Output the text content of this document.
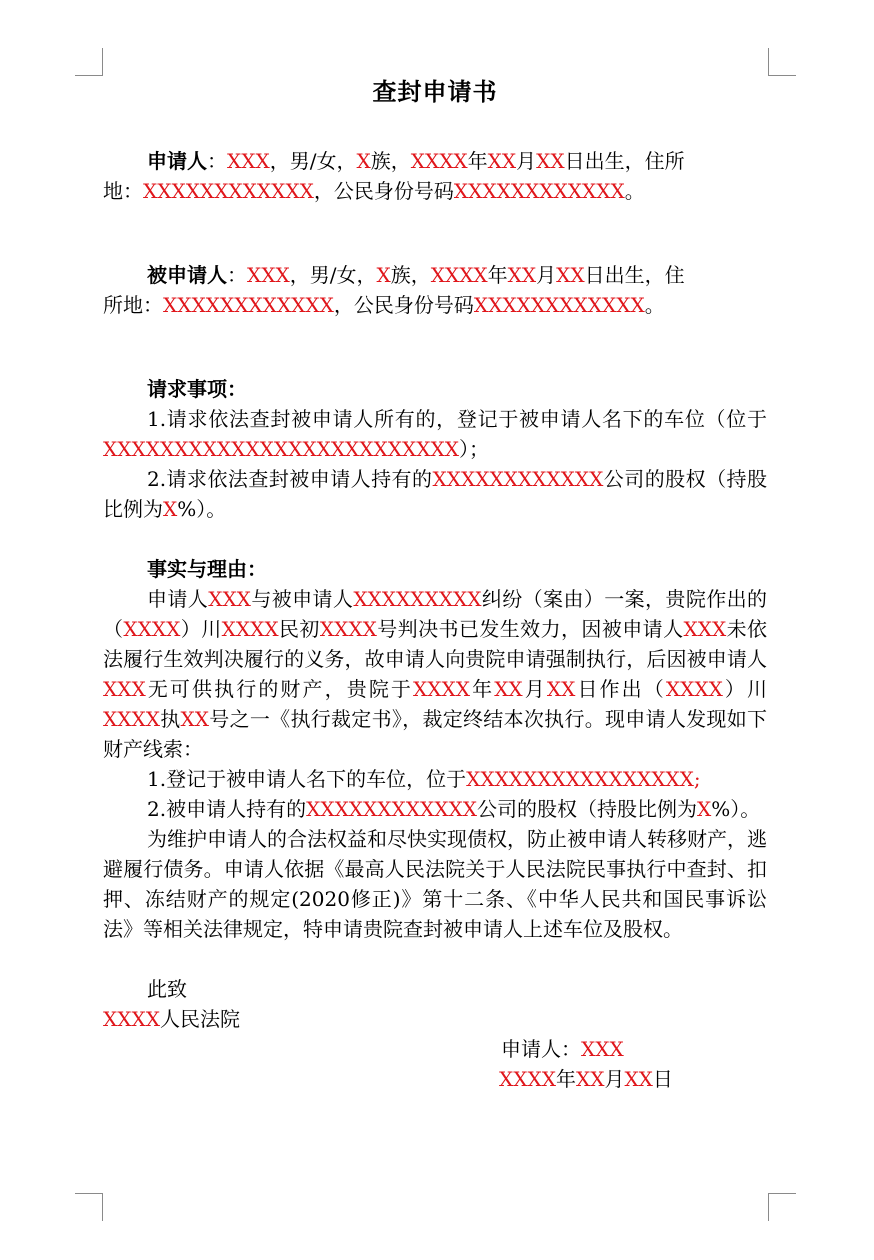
查封申请书

申请人：XXX，男/女，X族，XXXX年XX月XX日出生，住所

地：XXXXXXXXXXXX，公民身份号码XXXXXXXXXXXX。

被申请人：XXX，男/女，X族，XXXX年XX月XX日出生，住

所地：XXXXXXXXXXXX，公民身份号码XXXXXXXXXXXX。

请求事项：

1.请求依法查封被申请人所有的，登记于被申请人名下的车位（位于XXXXXXXXXXXXXXXXXXXXXXXXX）；

2.请求依法查封被申请人持有的XXXXXXXXXXXX公司的股权（持股比例为X%）。

事实与理由：

申请人XXX与被申请人XXXXXXXXX纠纷（案由）一案，贵院作出的（XXXX）川XXXX民初XXXX号判决书已发生效力，因被申请人XXX未依法履行生效判决履行的义务，故申请人向贵院申请强制执行，后因被申请人XXX无可供执行的财产，贵院于XXXX年XX月XX日作出（XXXX）川XXXX执XX号之一《执行裁定书》，裁定终结本次执行。现申请人发现如下财产线索：

1.登记于被申请人名下的车位，位于XXXXXXXXXXXXXXXX;

2.被申请人持有的XXXXXXXXXXXX公司的股权（持股比例为X%）。

为维护申请人的合法权益和尽快实现债权，防止被申请人转移财产，逃避履行债务。申请人依据《最高人民法院关于人民法院民事执行中查封、扣押、冻结财产的规定(2020修正)》第十二条、《中华人民共和国民事诉讼法》等相关法律规定，特申请贵院查封被申请人上述车位及股权。

此致

XXXX人民法院

申请人：XXX

XXXX年XX月XX日
